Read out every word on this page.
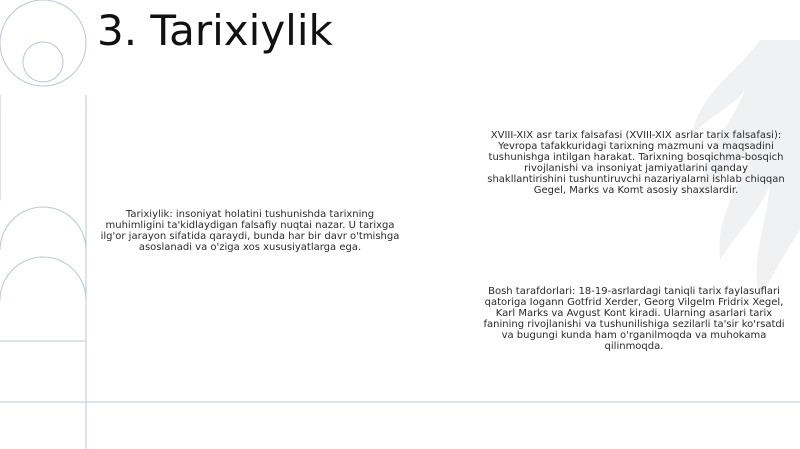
3. Tarixiylik
Tarixiylik: insoniyat holatini tushunishda tarixning muhimligini ta'kidlaydigan falsafiy nuqtai nazar. U tarixga ilg'or jarayon sifatida qaraydi, bunda har bir davr o'tmishga asoslanadi va o'ziga xos xususiyatlarga ega.
XVIII-XIX asr tarix falsafasi (XVIII-XIX asrlar tarix falsafasi): Yevropa tafakkuridagi tarixning mazmuni va maqsadini tushunishga intilgan harakat. Tarixning bosqichma-bosqich rivojlanishi va insoniyat jamiyatlarini qanday shakllantirishini tushuntiruvchi nazariyalarni ishlab chiqqan Gegel, Marks va Komt asosiy shaxslardir.
Bosh tarafdorlari: 18-19-asrlardagi taniqli tarix faylasuflari qatoriga Iogann Gotfrid Xerder, Georg Vilgelm Fridrix Xegel, Karl Marks va Avgust Kont kiradi. Ularning asarlari tarix fanining rivojlanishi va tushunilishiga sezilarli ta'sir ko'rsatdi va bugungi kunda ham o'rganilmoqda va muhokama qilinmoqda.
